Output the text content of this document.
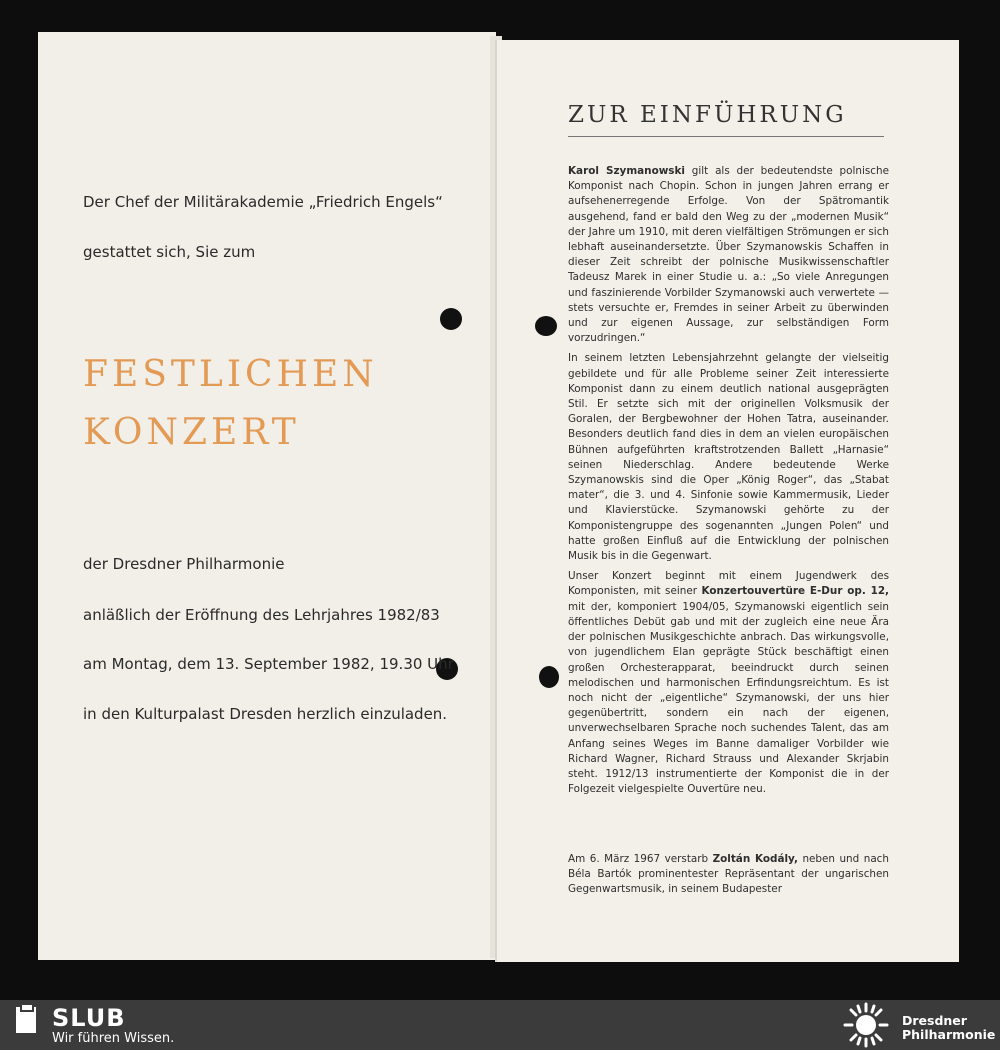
Der Chef der Militärakademie „Friedrich Engels“
gestattet sich, Sie zum
FESTLICHEN
KONZERT
der Dresdner Philharmonie
anläßlich der Eröffnung des Lehrjahres 1982/83
am Montag, dem 13. September 1982, 19.30 Uhr
in den Kulturpalast Dresden herzlich einzuladen.
ZUR EINFÜHRUNG

Karol Szymanowski gilt als der bedeutendste polnische Komponist nach Chopin. Schon in jungen Jahren errang er aufsehenerregende Erfolge. Von der Spätromantik ausgehend, fand er bald den Weg zu der „modernen Musik“ der Jahre um 1910, mit deren vielfältigen Strömungen er sich lebhaft auseinandersetzte. Über Szymanowskis Schaffen in dieser Zeit schreibt der polnische Musikwissenschaftler Tadeusz Marek in einer Studie u. a.: „So viele Anregungen und faszinierende Vorbilder Szymanowski auch verwertete — stets versuchte er, Fremdes in seiner Arbeit zu überwinden und zur eigenen Aussage, zur selbständigen Form vorzudringen.“

In seinem letzten Lebensjahrzehnt gelangte der vielseitig gebildete und für alle Probleme seiner Zeit interessierte Komponist dann zu einem deutlich national ausgeprägten Stil. Er setzte sich mit der originellen Volksmusik der Goralen, der Bergbewohner der Hohen Tatra, auseinander. Besonders deutlich fand dies in dem an vielen europäischen Bühnen aufgeführten kraftstrotzenden Ballett „Harnasie“ seinen Niederschlag. Andere bedeutende Werke Szymanowskis sind die Oper „König Roger“, das „Stabat mater“, die 3. und 4. Sinfonie sowie Kammermusik, Lieder und Klavierstücke. Szymanowski gehörte zu der Komponistengruppe des sogenannten „Jungen Polen“ und hatte großen Einfluß auf die Entwicklung der polnischen Musik bis in die Gegenwart.

Unser Konzert beginnt mit einem Jugendwerk des Komponisten, mit seiner Konzertouvertüre E-Dur op. 12, mit der, komponiert 1904/05, Szymanowski eigentlich sein öffentliches Debüt gab und mit der zugleich eine neue Ära der polnischen Musikgeschichte anbrach. Das wirkungsvolle, von jugendlichem Elan geprägte Stück beschäftigt einen großen Orchesterapparat, beeindruckt durch seinen melodischen und harmonischen Erfindungsreichtum. Es ist noch nicht der „eigentliche“ Szymanowski, der uns hier gegenübertritt, sondern ein nach der eigenen, unverwechselbaren Sprache noch suchendes Talent, das am Anfang seines Weges im Banne damaliger Vorbilder wie Richard Wagner, Richard Strauss und Alexander Skrjabin steht. 1912/13 instrumentierte der Komponist die in der Folgezeit vielgespielte Ouvertüre neu.

Am 6. März 1967 verstarb Zoltán Kodály, neben und nach Béla Bartók prominentester Repräsentant der ungarischen Gegenwartsmusik, in seinem Budapester

SLUB
Wir führen Wissen.
Dresdner
Philharmonie
